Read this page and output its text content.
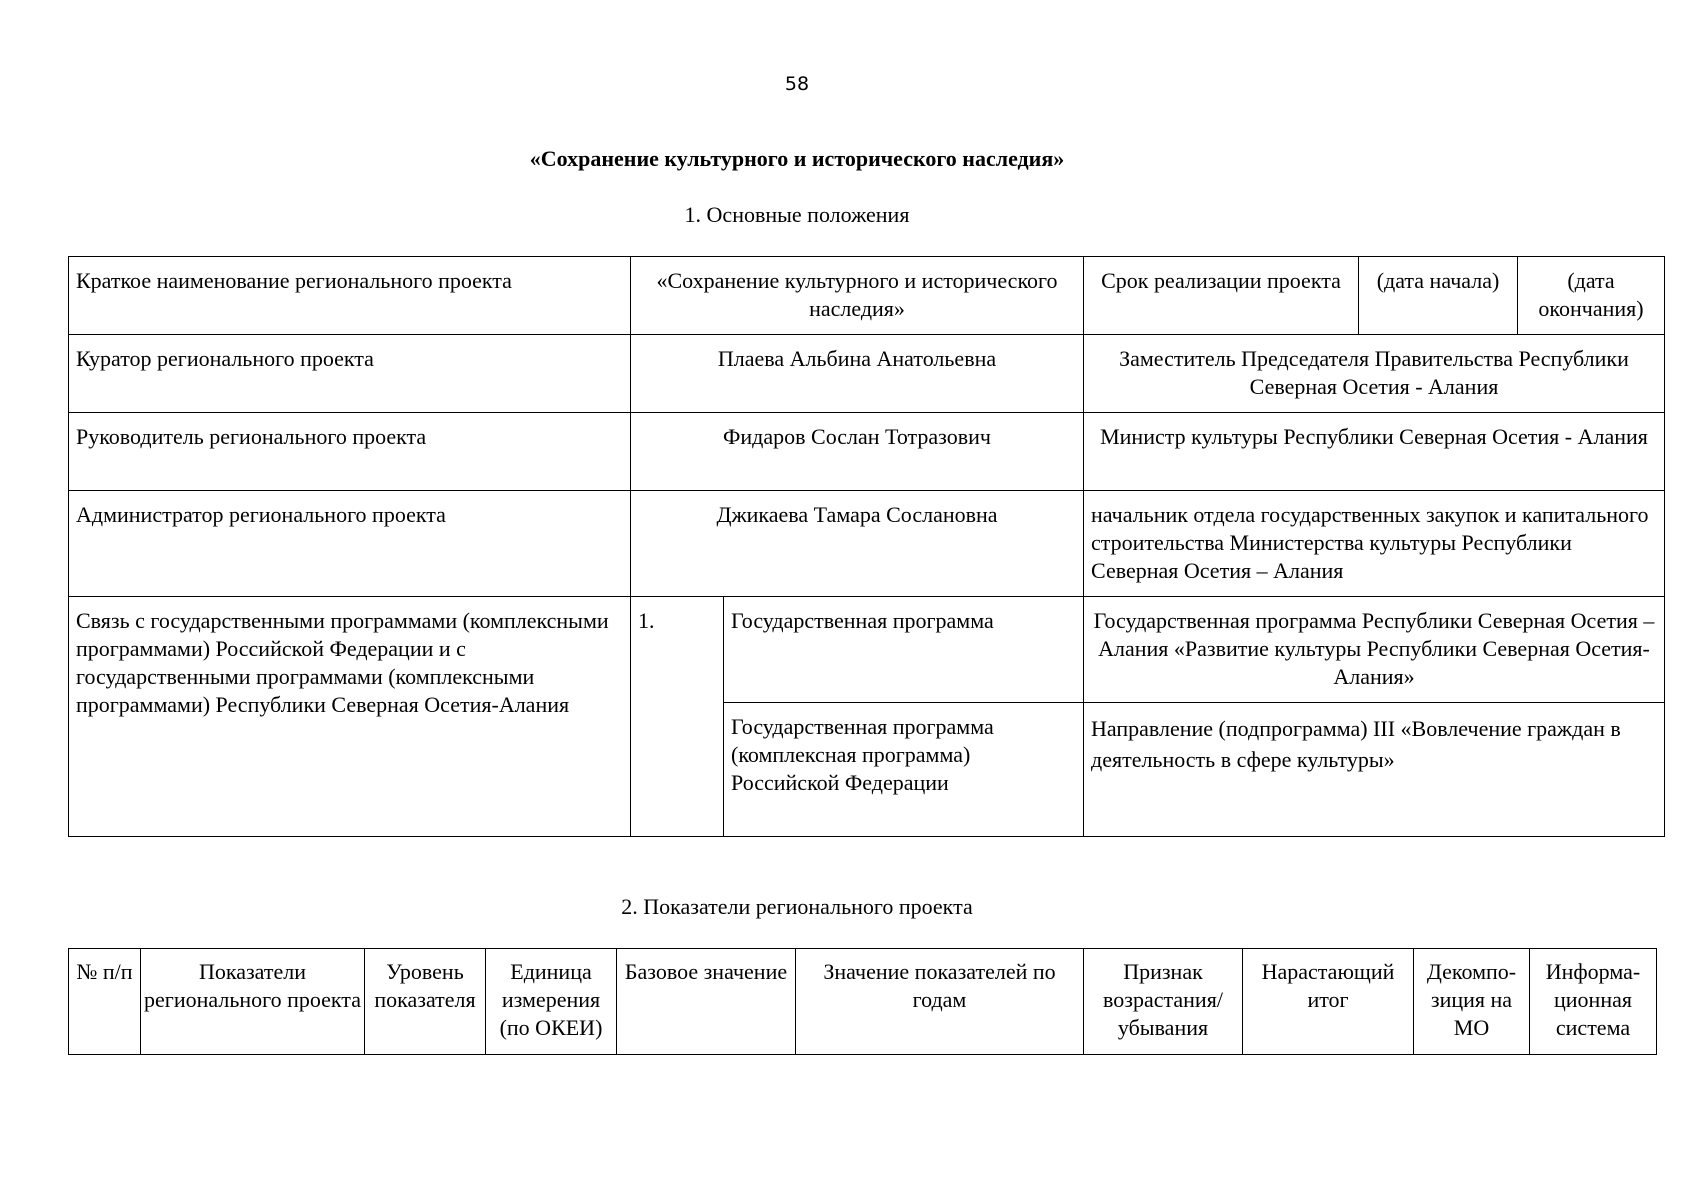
58
«Сохранение культурного и исторического наследия»
1. Основные положения
Краткое наименование регионального проекта	«Сохранение культурного и исторического наследия»		Срок реализации проекта	(дата начала)	(дата окончания)
Куратор регионального проекта	Плаева Альбина Анатольевна		Заместитель Председателя Правительства Республики Северная Осетия - Алания		
Руководитель регионального проекта	Фидаров Сослан Тотразович		Министр культуры Республики Северная Осетия - Алания		
Администратор регионального проекта	Джикаева Тамара Сослановна		начальник отдела государственных закупок и капитального строительства Министерства культуры Республики Северная Осетия – Алания		
Связь с государственными программами (комплексными программами) Российской Федерации и с государственными программами (комплексными программами) Республики Северная Осетия-Алания	1.	Государственная программа	Государственная программа Республики Северная Осетия – Алания «Развитие культуры Республики Северная Осетия-Алания»		
		Государственная программа (комплексная программа) Российской Федерации	Направление (подпрограмма) III «Вовлечение граждан в деятельность в сфере культуры»		
2. Показатели регионального проекта
№ п/п	Показатели регионального проекта	Уровень показателя	Единица измерения (по ОКЕИ)	Базовое значение	Значение показателей по годам	Признак возрастания/ убывания	Нарастающий итог	Декомпо-зиция на МО	Информа-ционная система
